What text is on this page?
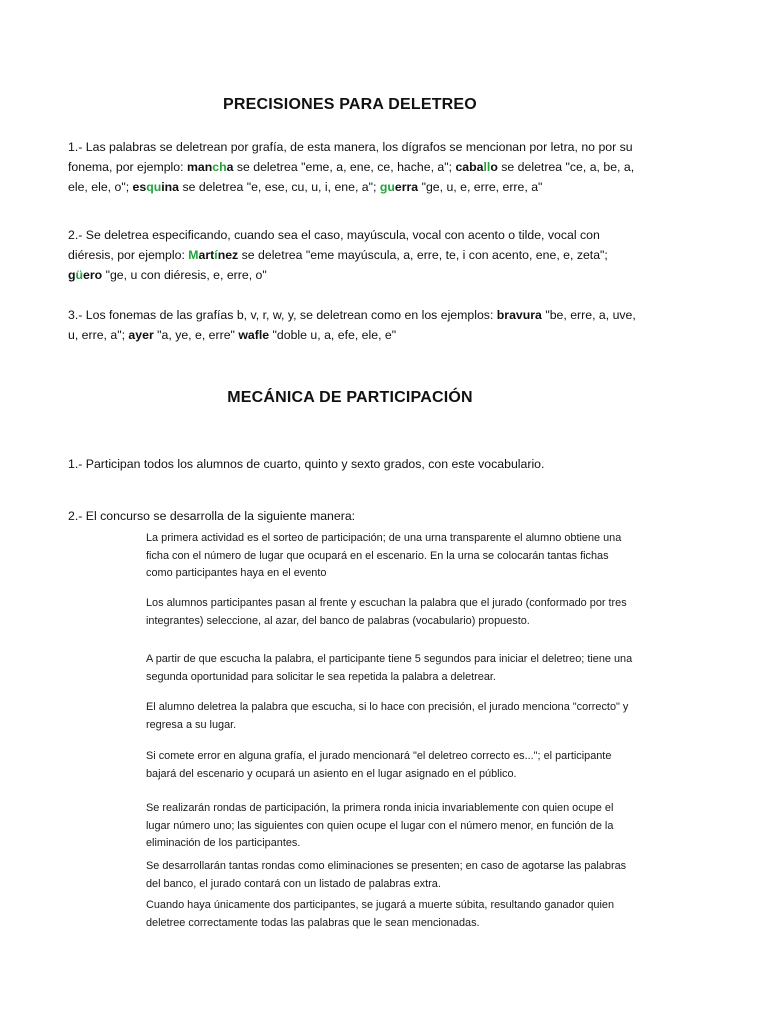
PRECISIONES PARA DELETREO
1.- Las palabras se deletrean por grafía, de esta manera, los dígrafos se mencionan por letra, no por su fonema, por ejemplo: mancha se deletrea "eme, a, ene, ce, hache, a"; caballo se deletrea "ce, a, be, a, ele, ele, o"; esquina se deletrea "e, ese, cu, u, i, ene, a"; guerra "ge, u, e, erre, erre, a"
2.- Se deletrea especificando, cuando sea el caso, mayúscula, vocal con acento o tilde, vocal con diéresis, por ejemplo: Martínez se deletrea "eme mayúscula, a, erre, te, i con acento, ene, e, zeta"; güero "ge, u con diéresis, e, erre, o"
3.- Los fonemas de las grafías b, v, r, w, y, se deletrean como en los ejemplos: bravura "be, erre, a, uve, u, erre, a"; ayer "a, ye, e, erre" wafle "doble u, a, efe, ele, e"
MECÁNICA DE PARTICIPACIÓN
1.- Participan todos los alumnos de cuarto, quinto y sexto grados, con este vocabulario.
2.- El concurso se desarrolla de la siguiente manera:
La primera actividad es el sorteo de participación; de una urna transparente el alumno obtiene una ficha con el número de lugar que ocupará en el escenario. En la urna se colocarán tantas fichas como participantes haya en el evento
Los alumnos participantes pasan al frente y escuchan la palabra que el jurado (conformado por tres integrantes) seleccione, al azar, del banco de palabras (vocabulario) propuesto.
A partir de que escucha la palabra, el participante tiene 5 segundos para iniciar el deletreo; tiene una segunda oportunidad para solicitar le sea repetida la palabra a deletrear.
El alumno deletrea la palabra que escucha, si lo hace con precisión, el jurado menciona "correcto" y regresa a su lugar.
Si comete error en alguna grafía, el jurado mencionará "el deletreo correcto es..."; el participante bajará del escenario y ocupará un asiento en el lugar asignado en el público.
Se realizarán rondas de participación, la primera ronda inicia invariablemente con quien ocupe el lugar número uno; las siguientes con quien ocupe el lugar con el número menor, en función de la eliminación de los participantes.
Se desarrollarán tantas rondas como eliminaciones se presenten; en caso de agotarse las palabras del banco, el jurado contará con un listado de palabras extra.
Cuando haya únicamente dos participantes, se jugará a muerte súbita, resultando ganador quien deletree correctamente todas las palabras que le sean mencionadas.
